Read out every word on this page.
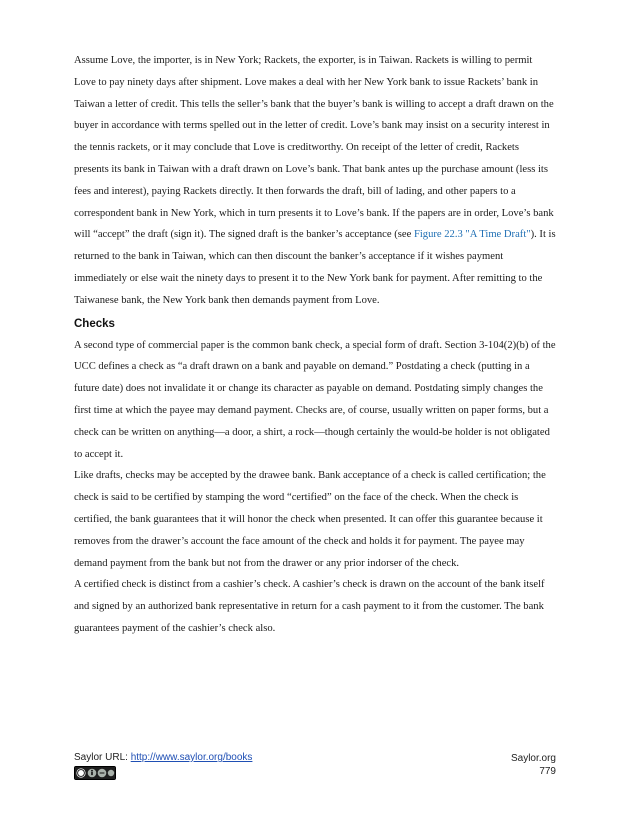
Assume Love, the importer, is in New York; Rackets, the exporter, is in Taiwan. Rackets is willing to permit Love to pay ninety days after shipment. Love makes a deal with her New York bank to issue Rackets’ bank in Taiwan a letter of credit. This tells the seller’s bank that the buyer’s bank is willing to accept a draft drawn on the buyer in accordance with terms spelled out in the letter of credit. Love’s bank may insist on a security interest in the tennis rackets, or it may conclude that Love is creditworthy. On receipt of the letter of credit, Rackets presents its bank in Taiwan with a draft drawn on Love’s bank. That bank antes up the purchase amount (less its fees and interest), paying Rackets directly. It then forwards the draft, bill of lading, and other papers to a correspondent bank in New York, which in turn presents it to Love’s bank. If the papers are in order, Love’s bank will “accept” the draft (sign it). The signed draft is the banker’s acceptance (see Figure 22.3 "A Time Draft"). It is returned to the bank in Taiwan, which can then discount the banker’s acceptance if it wishes payment immediately or else wait the ninety days to present it to the New York bank for payment. After remitting to the Taiwanese bank, the New York bank then demands payment from Love.

Checks

A second type of commercial paper is the common bank check, a special form of draft. Section 3-104(2)(b) of the UCC defines a check as “a draft drawn on a bank and payable on demand.” Postdating a check (putting in a future date) does not invalidate it or change its character as payable on demand. Postdating simply changes the first time at which the payee may demand payment. Checks are, of course, usually written on paper forms, but a check can be written on anything—a door, a shirt, a rock—though certainly the would-be holder is not obligated to accept it.

Like drafts, checks may be accepted by the drawee bank. Bank acceptance of a check is called certification; the check is said to be certified by stamping the word “certified” on the face of the check. When the check is certified, the bank guarantees that it will honor the check when presented. It can offer this guarantee because it removes from the drawer’s account the face amount of the check and holds it for payment. The payee may demand payment from the bank but not from the drawer or any prior indorser of the check.

A certified check is distinct from a cashier’s check. A cashier’s check is drawn on the account of the bank itself and signed by an authorized bank representative in return for a cash payment to it from the customer. The bank guarantees payment of the cashier’s check also.

Saylor URL: http://www.saylor.org/books	Saylor.org
779
